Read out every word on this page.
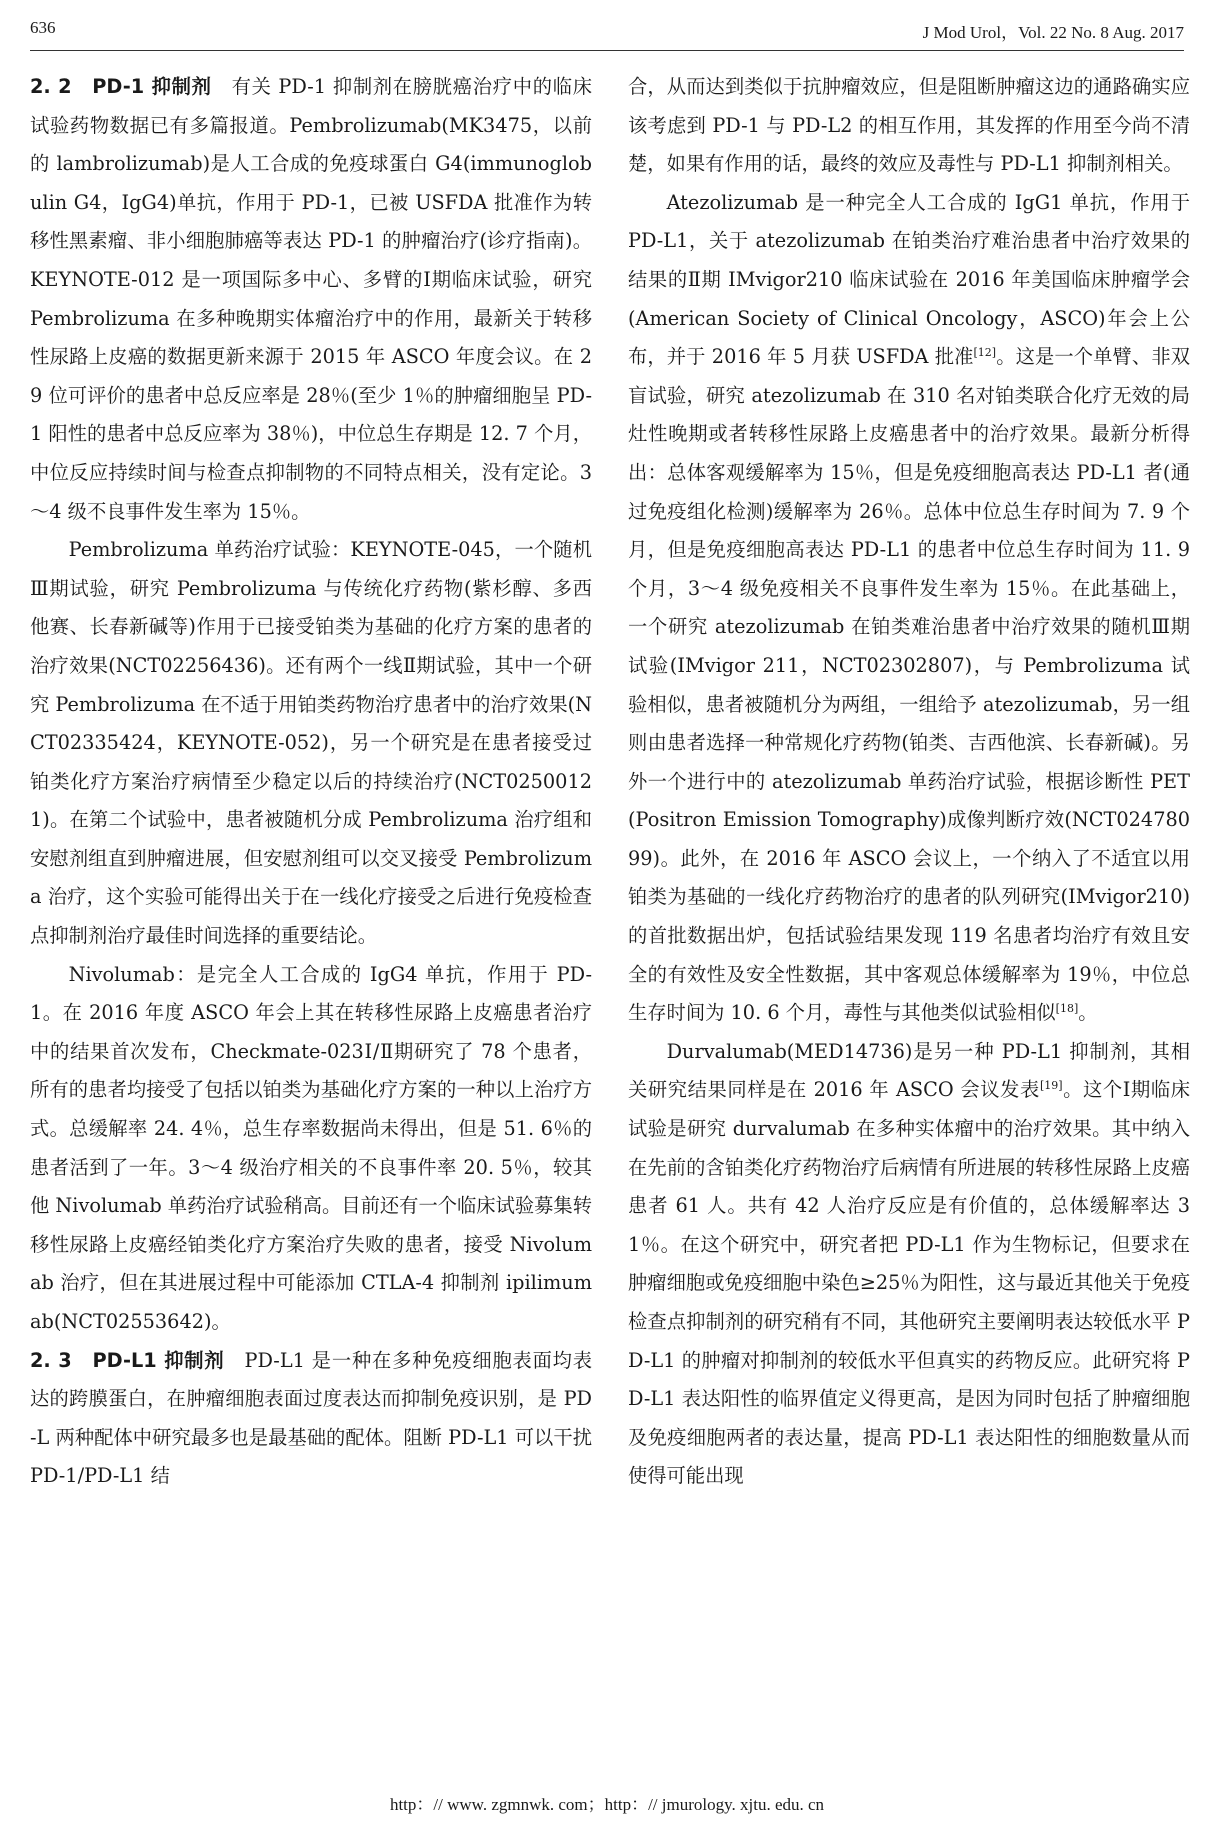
636	J Mod Urol，Vol. 22 No. 8 Aug. 2017

2. 2　PD-1 抑制剂　 有关 PD-1 抑制剂在膀胱癌治疗中的临床试验药物数据已有多篇报道。Pembrolizumab(MK3475，以前的 lambrolizumab)是人工合成的免疫球蛋白 G4(immunoglobulin G4，IgG4)单抗，作用于 PD-1，已被 USFDA 批准作为转移性黑素瘤、非小细胞肺癌等表达 PD-1 的肿瘤治疗(诊疗指南)。KEYNOTE-012 是一项国际多中心、多臂的Ⅰ期临床试验，研究 Pembrolizuma 在多种晚期实体瘤治疗中的作用，最新关于转移性尿路上皮癌的数据更新来源于 2015 年 ASCO 年度会议。在 29 位可评价的患者中总反应率是 28％(至少 1％的肿瘤细胞呈 PD-1 阳性的患者中总反应率为 38％)，中位总生存期是 12. 7 个月，中位反应持续时间与检查点抑制物的不同特点相关，没有定论。3～4 级不良事件发生率为 15％。

Pembrolizuma 单药治疗试验：KEYNOTE-045，一个随机Ⅲ期试验，研究 Pembrolizuma 与传统化疗药物(紫杉醇、多西他赛、长春新碱等)作用于已接受铂类为基础的化疗方案的患者的治疗效果(NCT02256436)。还有两个一线Ⅱ期试验，其中一个研究 Pembrolizuma 在不适于用铂类药物治疗患者中的治疗效果(NCT02335424，KEYNOTE-052)，另一个研究是在患者接受过铂类化疗方案治疗病情至少稳定以后的持续治疗(NCT02500121)。在第二个试验中，患者被随机分成 Pembrolizuma 治疗组和安慰剂组直到肿瘤进展，但安慰剂组可以交叉接受 Pembrolizuma 治疗，这个实验可能得出关于在一线化疗接受之后进行免疫检查点抑制剂治疗最佳时间选择的重要结论。

Nivolumab：是完全人工合成的 IgG4 单抗，作用于 PD-1。在 2016 年度 ASCO 年会上其在转移性尿路上皮癌患者治疗中的结果首次发布，Checkmate-023Ⅰ/Ⅱ期研究了 78 个患者，所有的患者均接受了包括以铂类为基础化疗方案的一种以上治疗方式。总缓解率 24. 4％，总生存率数据尚未得出，但是 51. 6％的患者活到了一年。3～4 级治疗相关的不良事件率 20. 5％，较其他 Nivolumab 单药治疗试验稍高。目前还有一个临床试验募集转移性尿路上皮癌经铂类化疗方案治疗失败的患者，接受 Nivolumab 治疗，但在其进展过程中可能添加 CTLA-4 抑制剂 ipilimumab(NCT02553642)。

2. 3　PD-L1 抑制剂　 PD-L1 是一种在多种免疫细胞表面均表达的跨膜蛋白，在肿瘤细胞表面过度表达而抑制免疫识别，是 PD-L 两种配体中研究最多也是最基础的配体。阻断 PD-L1 可以干扰 PD-1/PD-L1 结

合，从而达到类似于抗肿瘤效应，但是阻断肿瘤这边的通路确实应该考虑到 PD-1 与 PD-L2 的相互作用，其发挥的作用至今尚不清楚，如果有作用的话，最终的效应及毒性与 PD-L1 抑制剂相关。

Atezolizumab 是一种完全人工合成的 IgG1 单抗，作用于 PD-L1，关于 atezolizumab 在铂类治疗难治患者中治疗效果的结果的Ⅱ期 IMvigor210 临床试验在 2016 年美国临床肿瘤学会(American Society of Clinical Oncology，ASCO)年会上公布，并于 2016 年 5 月获 USFDA 批准[12]。这是一个单臂、非双盲试验，研究 atezolizumab 在 310 名对铂类联合化疗无效的局灶性晚期或者转移性尿路上皮癌患者中的治疗效果。最新分析得出：总体客观缓解率为 15％，但是免疫细胞高表达 PD-L1 者(通过免疫组化检测)缓解率为 26％。总体中位总生存时间为 7. 9 个月，但是免疫细胞高表达 PD-L1 的患者中位总生存时间为 11. 9 个月，3～4 级免疫相关不良事件发生率为 15％。在此基础上，一个研究 atezolizumab 在铂类难治患者中治疗效果的随机Ⅲ期试验(IMvigor 211，NCT02302807)，与 Pembrolizuma 试验相似，患者被随机分为两组，一组给予 atezolizumab，另一组则由患者选择一种常规化疗药物(铂类、吉西他滨、长春新碱)。另外一个进行中的 atezolizumab 单药治疗试验，根据诊断性 PET(Positron Emission Tomography)成像判断疗效(NCT02478099)。此外，在 2016 年 ASCO 会议上，一个纳入了不适宜以用铂类为基础的一线化疗药物治疗的患者的队列研究(IMvigor210)的首批数据出炉，包括试验结果发现 119 名患者均治疗有效且安全的有效性及安全性数据，其中客观总体缓解率为 19％，中位总生存时间为 10. 6 个月，毒性与其他类似试验相似[18]。

Durvalumab(MED14736)是另一种 PD-L1 抑制剂，其相关研究结果同样是在 2016 年 ASCO 会议发表[19]。这个Ⅰ期临床试验是研究 durvalumab 在多种实体瘤中的治疗效果。其中纳入在先前的含铂类化疗药物治疗后病情有所进展的转移性尿路上皮癌患者 61 人。共有 42 人治疗反应是有价值的，总体缓解率达 31％。在这个研究中，研究者把 PD-L1 作为生物标记，但要求在肿瘤细胞或免疫细胞中染色≥25％为阳性，这与最近其他关于免疫检查点抑制剂的研究稍有不同，其他研究主要阐明表达较低水平 PD-L1 的肿瘤对抑制剂的较低水平但真实的药物反应。此研究将 PD-L1 表达阳性的临界值定义得更高，是因为同时包括了肿瘤细胞及免疫细胞两者的表达量，提高 PD-L1 表达阳性的细胞数量从而使得可能出现

http：// www. zgmnwk. com；http：// jmurology. xjtu. edu. cn
